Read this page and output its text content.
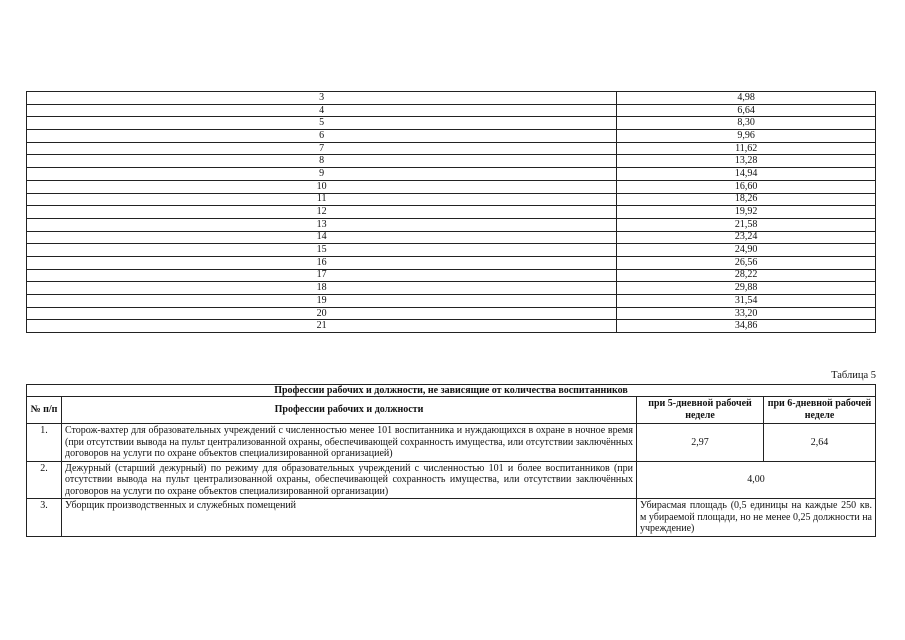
3	4,98
4	6,64
5	8,30
6	9,96
7	11,62
8	13,28
9	14,94
10	16,60
11	18,26
12	19,92
13	21,58
14	23,24
15	24,90
16	26,56
17	28,22
18	29,88
19	31,54
20	33,20
21	34,86
Таблица 5
Профессии рабочих и должности, не зависящие от количества воспитанников			
№ п/п	Профессии рабочих и должности	при 5-дневной рабочей неделе	при 6-дневной рабочей неделе
1.	Сторож-вахтер для образовательных учреждений с численностью менее 101 воспитанника и нуждающихся в охране в ночное время (при отсутствии вывода на пульт централизованной охраны, обеспечивающей сохранность имущества, или отсутствии заключённых договоров на услуги по охране объектов специализированной организацией)	2,97	2,64
2.	Дежурный (старший дежурный) по режиму для образовательных учреждений с численностью 101 и более воспитанников (при отсутствии вывода на пульт централизованной охраны, обеспечивающей сохранность имущества, или отсутствии заключённых договоров на услуги по охране объектов специализированной организации)	4,00	
3.	Уборщик производственных и служебных помещений	Убирасмая площадь (0,5 единицы на каждые 250 кв. м убираемой площади, но не менее 0,25 должности на учреждение)	
